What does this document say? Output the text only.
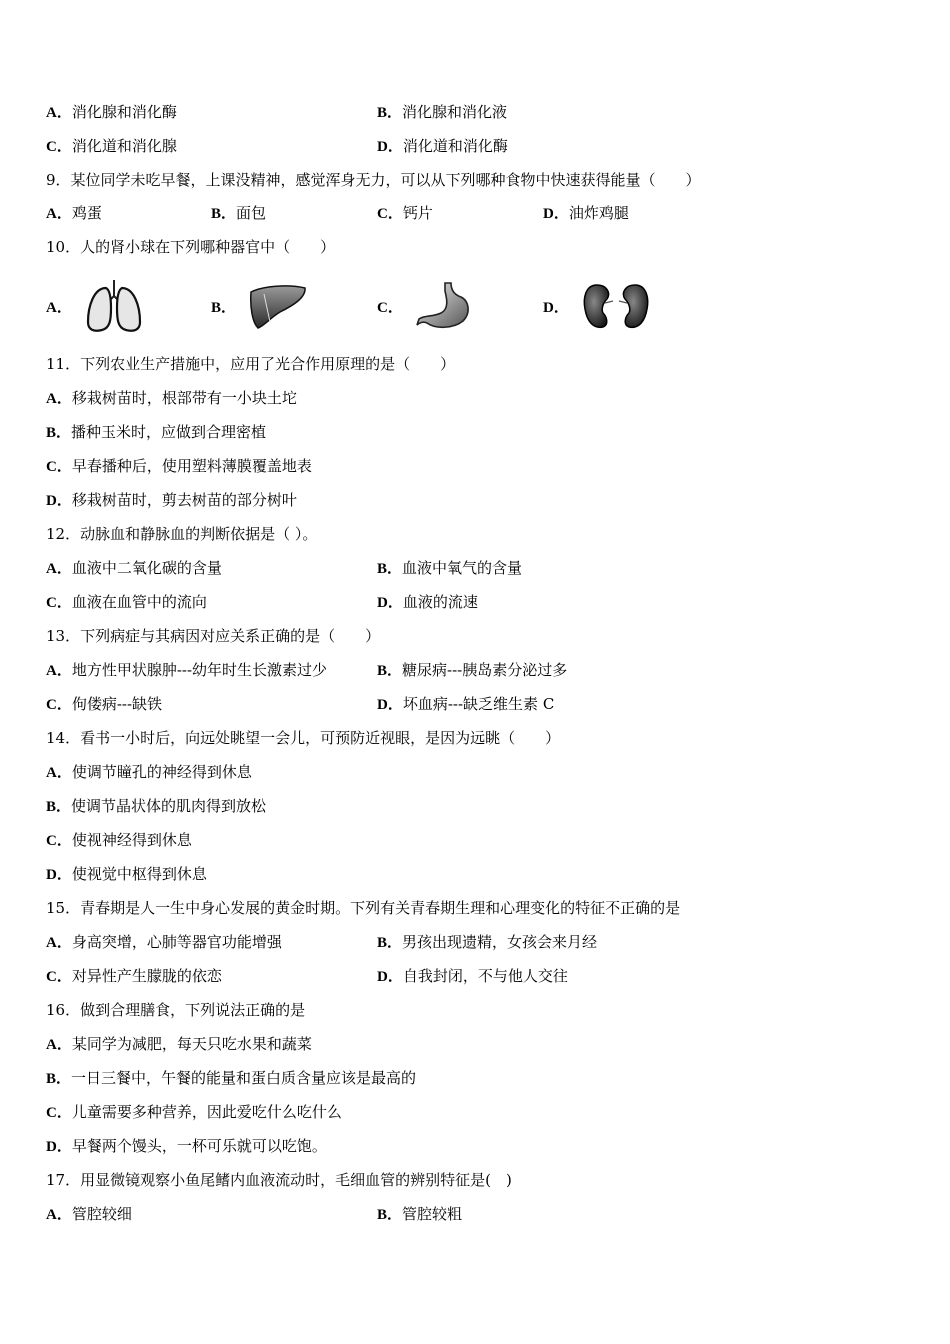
A．消化腺和消化酶	B．消化腺和消化液
C．消化道和消化腺	D．消化道和消化酶
9．某位同学未吃早餐，上课没精神，感觉浑身无力，可以从下列哪种食物中快速获得能量（　　）
A．鸡蛋	B．面包	C．钙片	D．油炸鸡腿
10．人的肾小球在下列哪种器官中（　　）
A．	B．	C．	D．
11．下列农业生产措施中，应用了光合作用原理的是（　　）
A．移栽树苗时，根部带有一小块土坨
B．播种玉米时，应做到合理密植
C．早春播种后，使用塑料薄膜覆盖地表
D．移栽树苗时，剪去树苗的部分树叶
12．动脉血和静脉血的判断依据是（ ）。
A．血液中二氧化碳的含量	B．血液中氧气的含量
C．血液在血管中的流向	D．血液的流速
13．下列病症与其病因对应关系正确的是（　　）
A．地方性甲状腺肿---幼年时生长激素过少	B．糖尿病---胰岛素分泌过多
C．佝偻病---缺铁	D．坏血病---缺乏维生素 C
14．看书一小时后，向远处眺望一会儿，可预防近视眼，是因为远眺（　　）
A．使调节瞳孔的神经得到休息
B．使调节晶状体的肌肉得到放松
C．使视神经得到休息
D．使视觉中枢得到休息
15．青春期是人一生中身心发展的黄金时期。下列有关青春期生理和心理变化的特征不正确的是
A．身高突增，心肺等器官功能增强	B．男孩出现遗精，女孩会来月经
C．对异性产生朦胧的依恋	D．自我封闭，不与他人交往
16．做到合理膳食，下列说法正确的是
A．某同学为减肥，每天只吃水果和蔬菜
B．一日三餐中，午餐的能量和蛋白质含量应该是最高的
C．儿童需要多种营养，因此爱吃什么吃什么
D．早餐两个馒头，一杯可乐就可以吃饱。
17．用显微镜观察小鱼尾鳍内血液流动时，毛细血管的辨别特征是(　)
A．管腔较细	B．管腔较粗
